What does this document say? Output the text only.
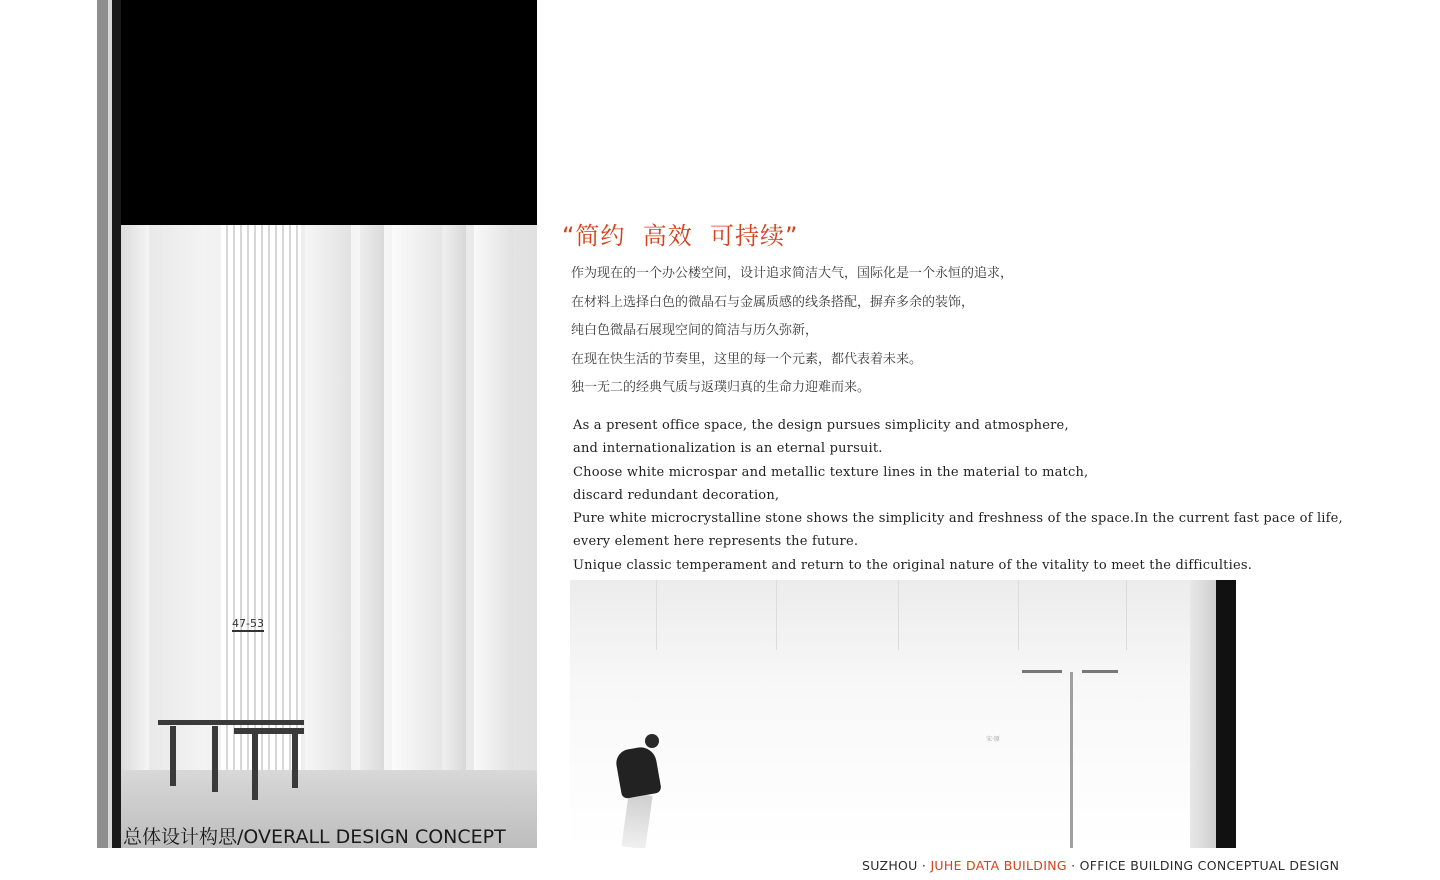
47-53
总体设计构思/OVERALL DESIGN CONCEPT
“简约  高效  可持续”
作为现在的一个办公楼空间，设计追求简洁大气，国际化是一个永恒的追求，
在材料上选择白色的微晶石与金属质感的线条搭配，摒弃多余的装饰，
纯白色微晶石展现空间的简洁与历久弥新，
在现在快生活的节奏里，这里的每一个元素，都代表着未来。
独一无二的经典气质与返璞归真的生命力迎难而来。
As a present office space, the design pursues simplicity and atmosphere,
and internationalization is an eternal pursuit.
Choose white microspar and metallic texture lines in the material to match,
discard redundant decoration,
Pure white microcrystalline stone shows the simplicity and freshness of the space.In the current fast pace of life,
every element here represents the future.
Unique classic temperament and return to the original nature of the vitality to meet the difficulties.
宋·原
SUZHOU · JUHE DATA BUILDING · OFFICE BUILDING CONCEPTUAL DESIGN
